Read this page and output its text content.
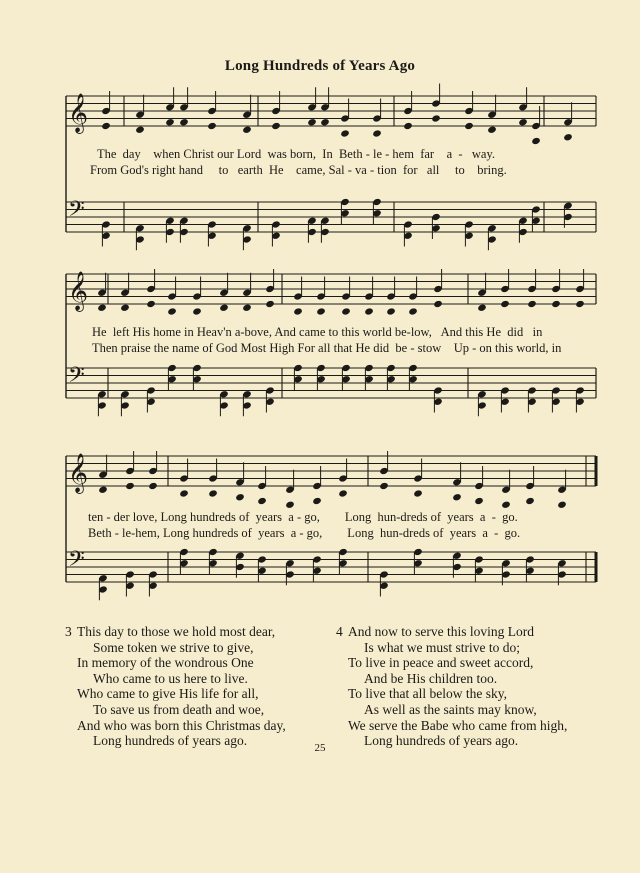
Long Hundreds of Years Ago
𝄞
𝄢
𝄞
𝄢
𝄞
𝄢
The  day    when Christ our Lord  was born,  In  Beth - le - hem  far    a  -   way.
From God's right hand     to   earth  He    came, Sal - va - tion  for   all     to    bring.
He  left His home in Heav'n a-bove, And came to this world be-low,   And this He  did   in
Then praise the name of God Most High For all that He did  be - stow    Up - on this world, in
ten - der love, Long hundreds of  years  a - go,        Long  hun-dreds of  years  a  -  go.
Beth - le-hem, Long hundreds of  years  a - go,        Long  hun-dreds of  years  a  -  go.
3 This day to those we hold most dear,
Some token we strive to give,
In memory of the wondrous One
Who came to us here to live.
Who came to give His life for all,
To save us from death and woe,
And who was born this Christmas day,
Long hundreds of years ago.
4 And now to serve this loving Lord
Is what we must strive to do;
To live in peace and sweet accord,
And be His children too.
To live that all below the sky,
As well as the saints may know,
We serve the Babe who came from high,
Long hundreds of years ago.
25
